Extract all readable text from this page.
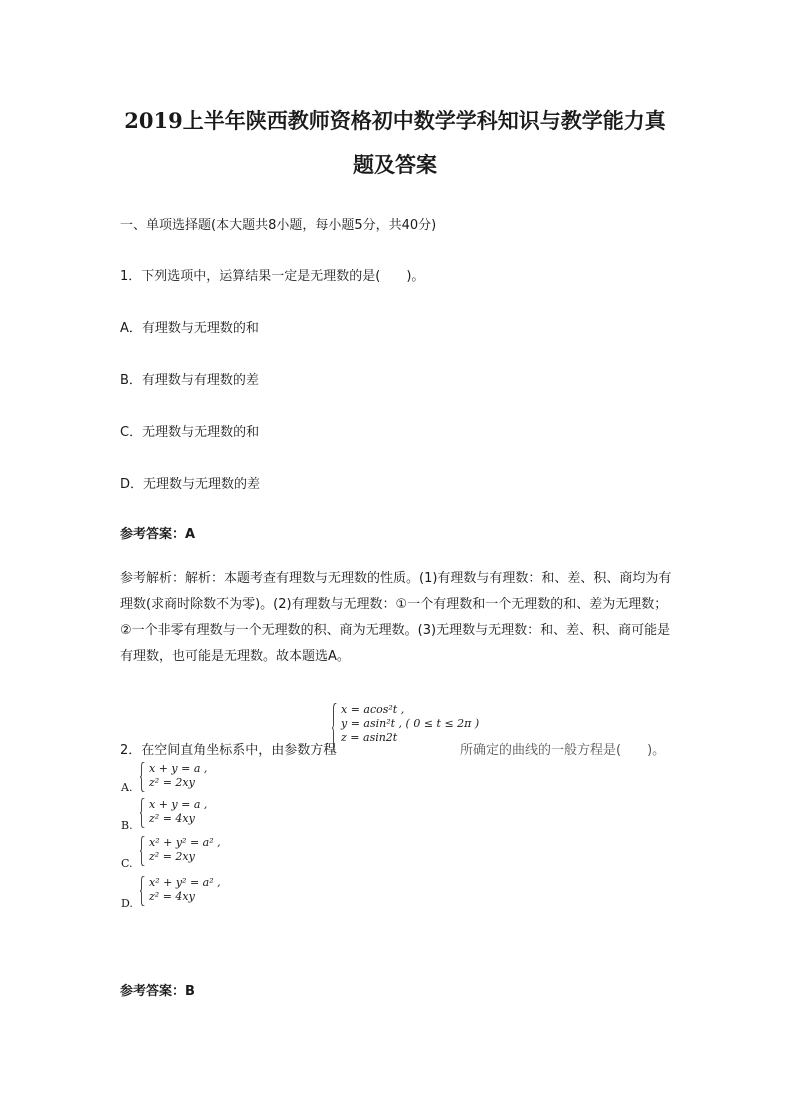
2019上半年陕西教师资格初中数学学科知识与教学能力真
题及答案

一、单项选择题(本大题共8小题，每小题5分，共40分)

1．下列选项中，运算结果一定是无理数的是(　　)。

A．有理数与无理数的和

B．有理数与有理数的差

C．无理数与无理数的和

D．无理数与无理数的差

参考答案：A

参考解析：解析：本题考查有理数与无理数的性质。(1)有理数与有理数：和、差、积、商均为有理数(求商时除数不为零)。(2)有理数与无理数：①一个有理数和一个无理数的和、差为无理数；②一个非零有理数与一个无理数的积、商为无理数。(3)无理数与无理数：和、差、积、商可能是有理数，也可能是无理数。故本题选A。

2．在空间直角坐标系中，由参数方程
x = acos²t ,
y = asin²t , ( 0 ≤ t ≤ 2π )
z = asin2t
所确定的曲线的一般方程是(　　)。
A.
x + y = a ,
z² = 2xy
B.
x + y = a ,
z² = 4xy
C.
x² + y² = a² ,
z² = 2xy
D.
x² + y² = a² ,
z² = 4xy

参考答案：B
